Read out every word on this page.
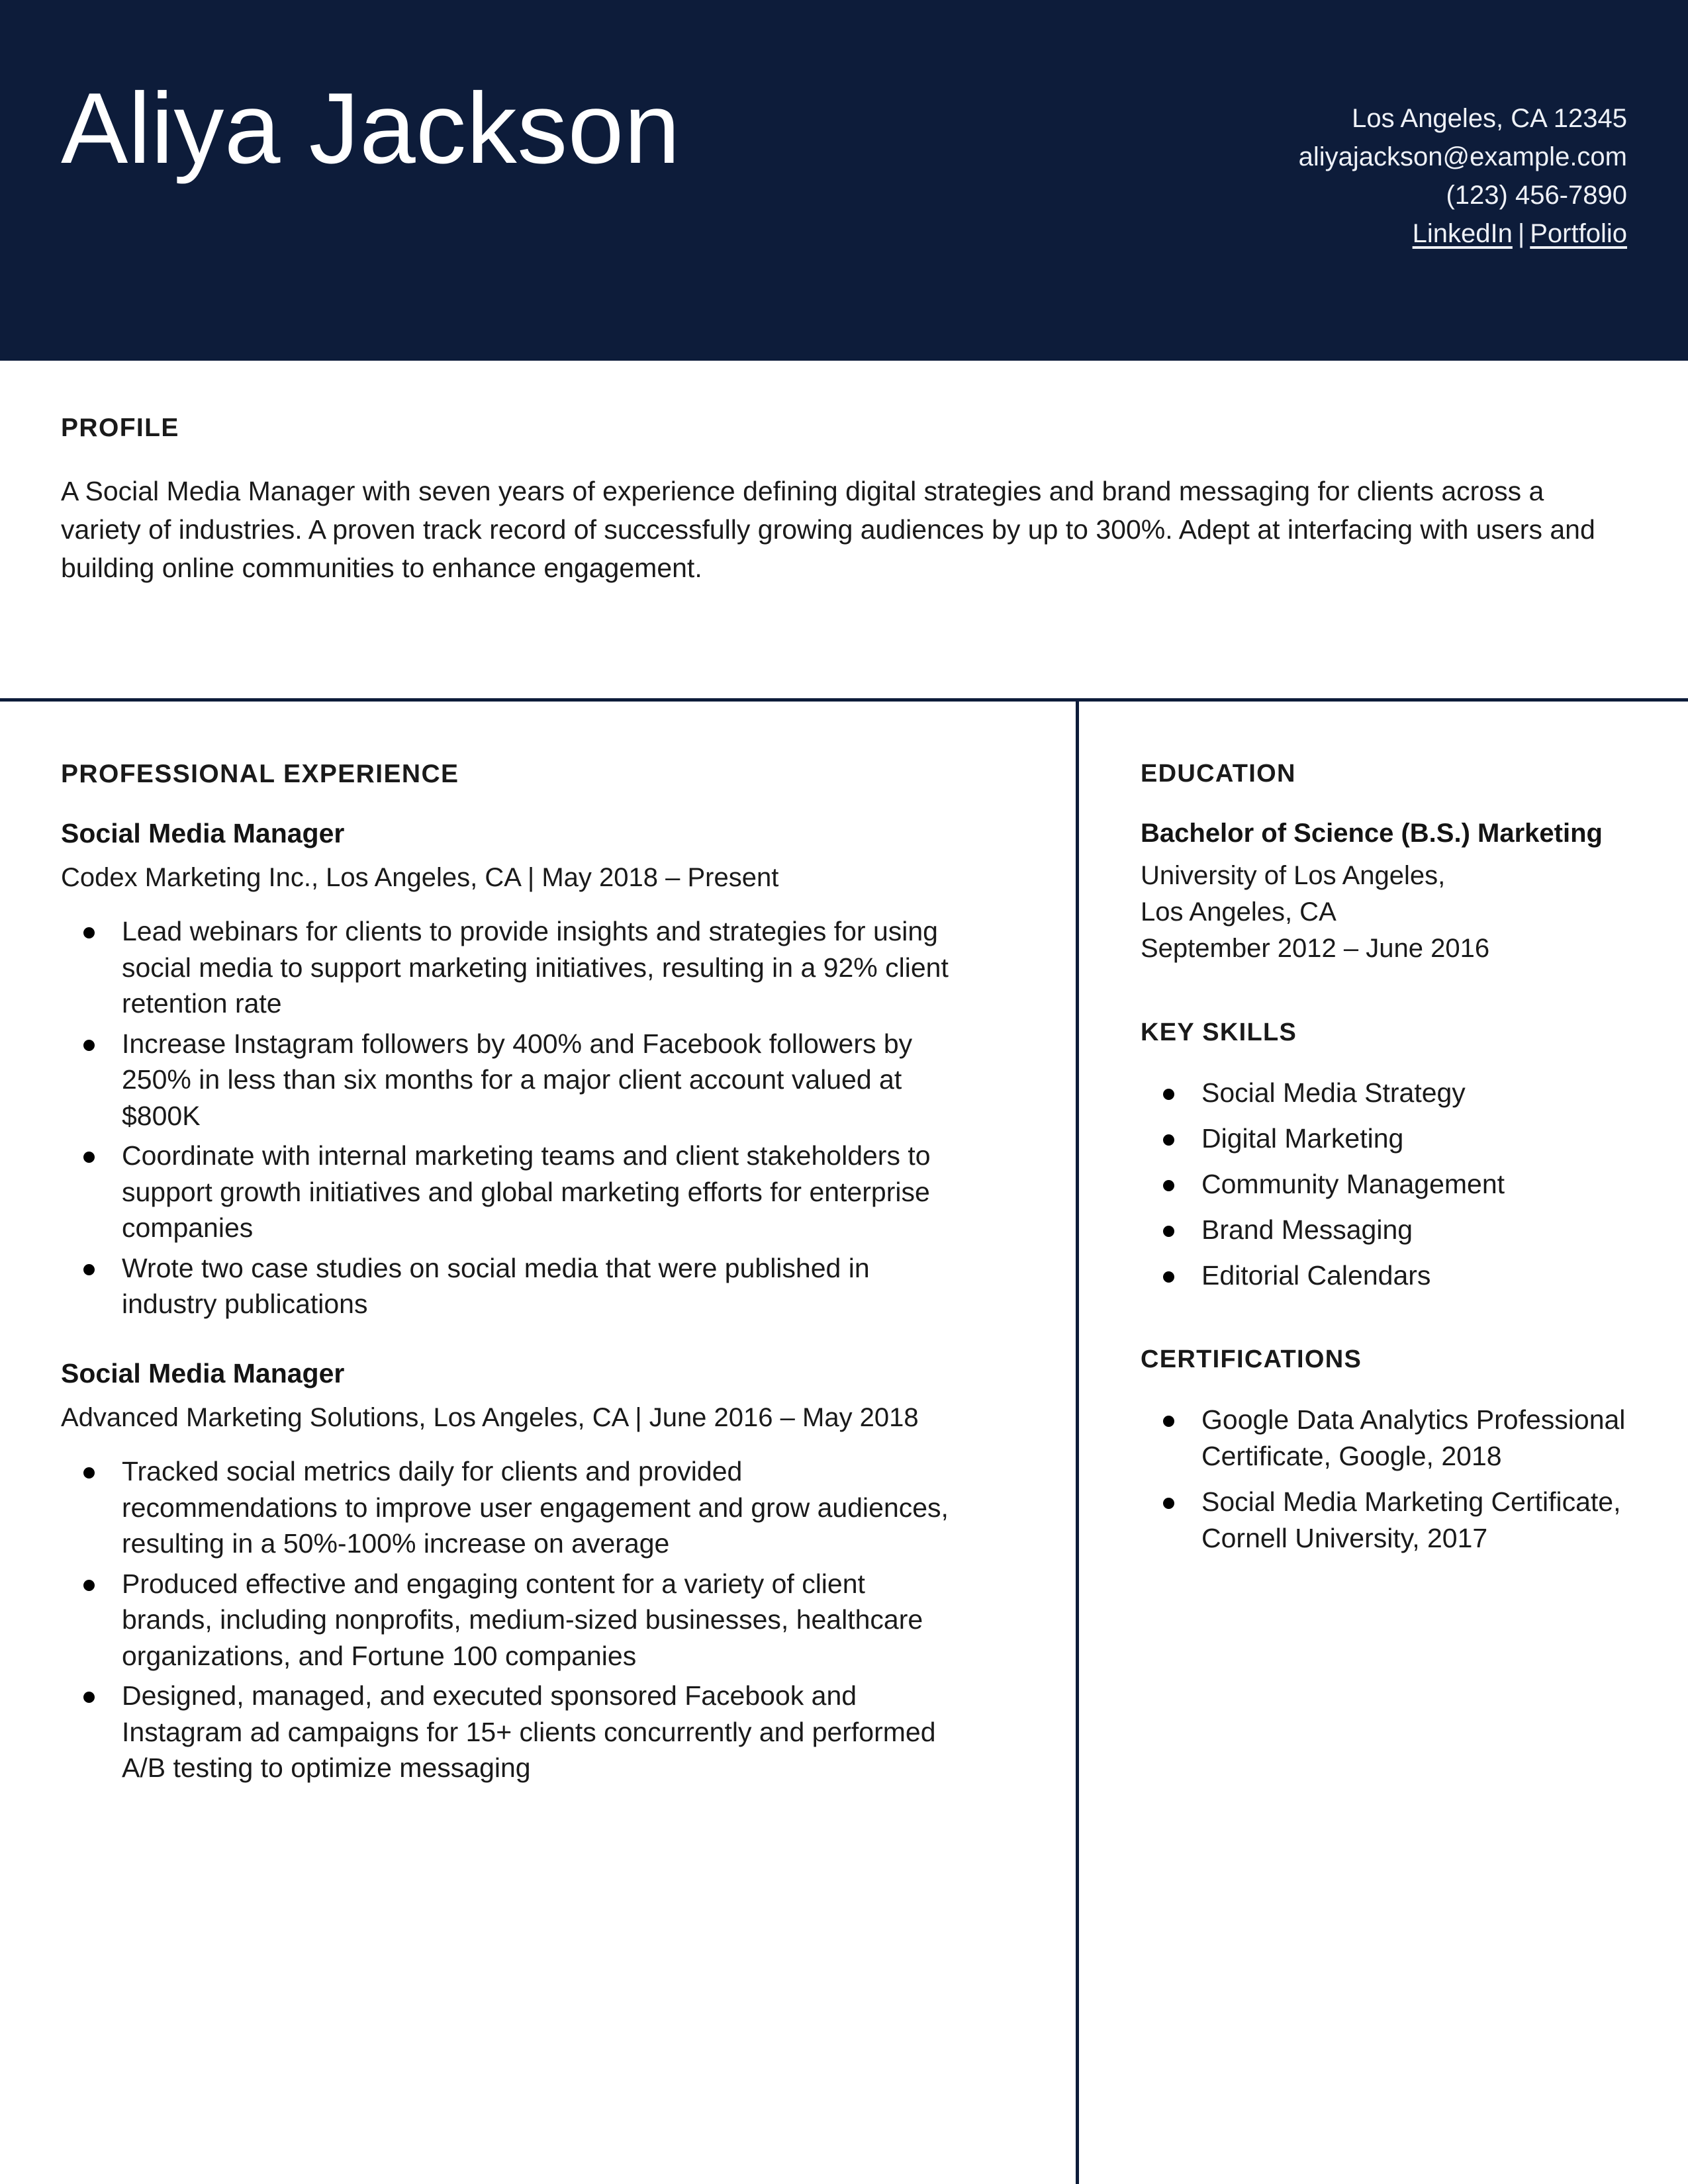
Aliya Jackson	Los Angeles, CA 12345
aliyajackson@example.com
(123) 456-7890
LinkedIn | Portfolio
PROFILE
A Social Media Manager with seven years of experience defining digital strategies and brand messaging for clients across a variety of industries. A proven track record of successfully growing audiences by up to 300%. Adept at interfacing with users and building online communities to enhance engagement.
PROFESSIONAL EXPERIENCE
Social Media Manager
Codex Marketing Inc., Los Angeles, CA | May 2018 – Present
Lead webinars for clients to provide insights and strategies for using social media to support marketing initiatives, resulting in a 92% client retention rate
Increase Instagram followers by 400% and Facebook followers by 250% in less than six months for a major client account valued at $800K
Coordinate with internal marketing teams and client stakeholders to support growth initiatives and global marketing efforts for enterprise companies
Wrote two case studies on social media that were published in industry publications
Social Media Manager
Advanced Marketing Solutions, Los Angeles, CA | June 2016 – May 2018
Tracked social metrics daily for clients and provided recommendations to improve user engagement and grow audiences, resulting in a 50%-100% increase on average
Produced effective and engaging content for a variety of client brands, including nonprofits, medium-sized businesses, healthcare organizations, and Fortune 100 companies
Designed, managed, and executed sponsored Facebook and Instagram ad campaigns for 15+ clients concurrently and performed A/B testing to optimize messaging
EDUCATION
Bachelor of Science (B.S.) Marketing
University of Los Angeles,
Los Angeles, CA
September 2012 – June 2016
KEY SKILLS
Social Media Strategy
Digital Marketing
Community Management
Brand Messaging
Editorial Calendars
CERTIFICATIONS
Google Data Analytics Professional Certificate, Google, 2018
Social Media Marketing Certificate, Cornell University, 2017
